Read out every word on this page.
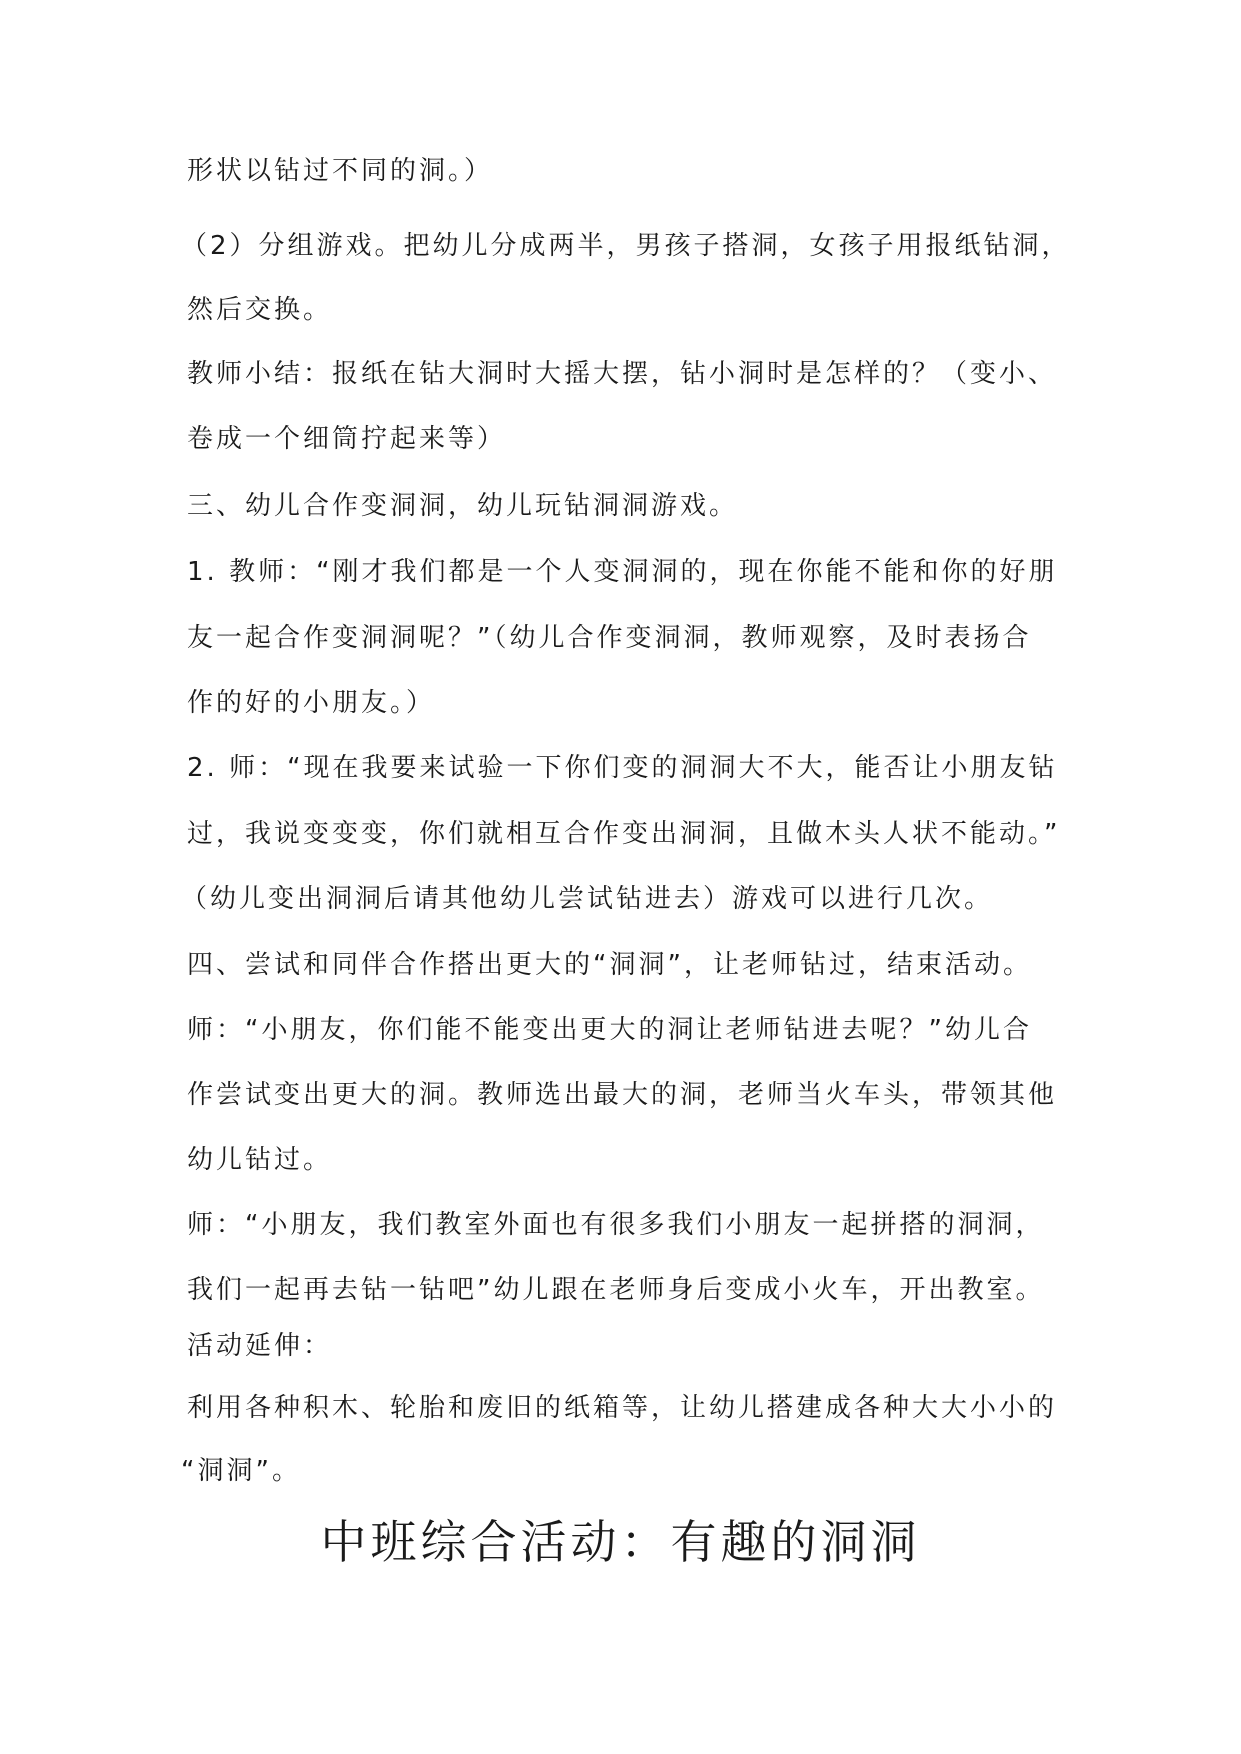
形状以钻过不同的洞。）
（2）分组游戏。把幼儿分成两半，男孩子搭洞，女孩子用报纸钻洞，
然后交换。
教师小结：报纸在钻大洞时大摇大摆，钻小洞时是怎样的？（变小、
卷成一个细筒拧起来等）
三、幼儿合作变洞洞，幼儿玩钻洞洞游戏。
1. 教师：“刚才我们都是一个人变洞洞的，现在你能不能和你的好朋
友一起合作变洞洞呢？”（幼儿合作变洞洞，教师观察，及时表扬合
作的好的小朋友。）
2. 师：“现在我要来试验一下你们变的洞洞大不大，能否让小朋友钻
过，我说变变变，你们就相互合作变出洞洞，且做木头人状不能动。”
（幼儿变出洞洞后请其他幼儿尝试钻进去）游戏可以进行几次。
四、尝试和同伴合作搭出更大的“洞洞”，让老师钻过，结束活动。
师：“小朋友，你们能不能变出更大的洞让老师钻进去呢？”幼儿合
作尝试变出更大的洞。教师选出最大的洞，老师当火车头，带领其他
幼儿钻过。
师：“小朋友，我们教室外面也有很多我们小朋友一起拼搭的洞洞，
我们一起再去钻一钻吧”幼儿跟在老师身后变成小火车，开出教室。
活动延伸：
利用各种积木、轮胎和废旧的纸箱等，让幼儿搭建成各种大大小小的
“洞洞”。
中班综合活动：有趣的洞洞
